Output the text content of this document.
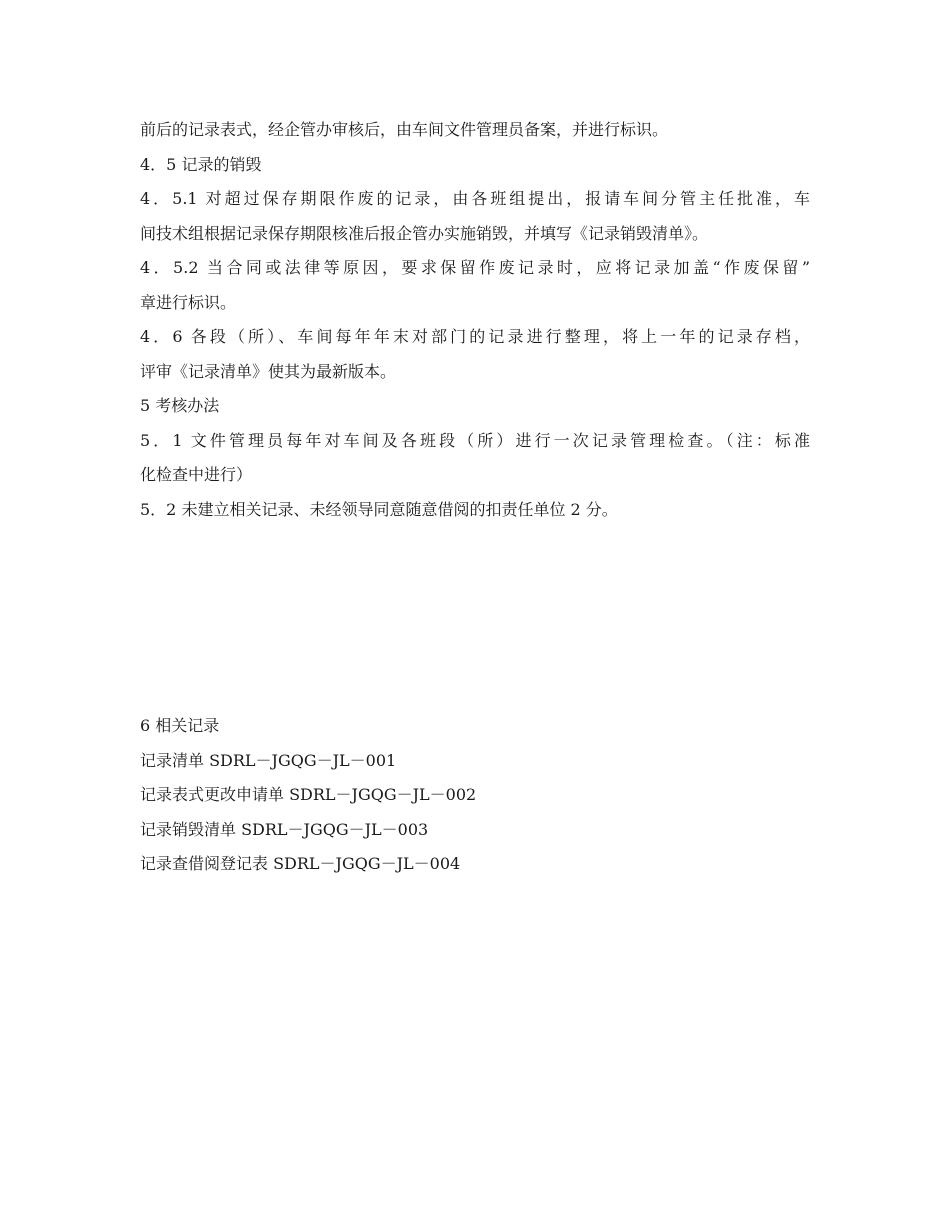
前后的记录表式，经企管办审核后，由车间文件管理员备案，并进行标识。
4．5 记录的销毁
4．5.1 对超过保存期限作废的记录，由各班组提出，报请车间分管主任批准，车
间技术组根据记录保存期限核准后报企管办实施销毁，并填写《记录销毁清单》。
4．5.2 当合同或法律等原因，要求保留作废记录时，应将记录加盖“作废保留”
章进行标识。
4．6 各段（所）、车间每年年末对部门的记录进行整理，将上一年的记录存档，
评审《记录清单》使其为最新版本。
5 考核办法
5．1 文件管理员每年对车间及各班段（所）进行一次记录管理检查。（注：标准
化检查中进行）
5．2 未建立相关记录、未经领导同意随意借阅的扣责任单位 2 分。
6 相关记录
记录清单 SDRL－JGQG－JL－001
记录表式更改申请单 SDRL－JGQG－JL－002
记录销毁清单 SDRL－JGQG－JL－003
记录查借阅登记表 SDRL－JGQG－JL－004
